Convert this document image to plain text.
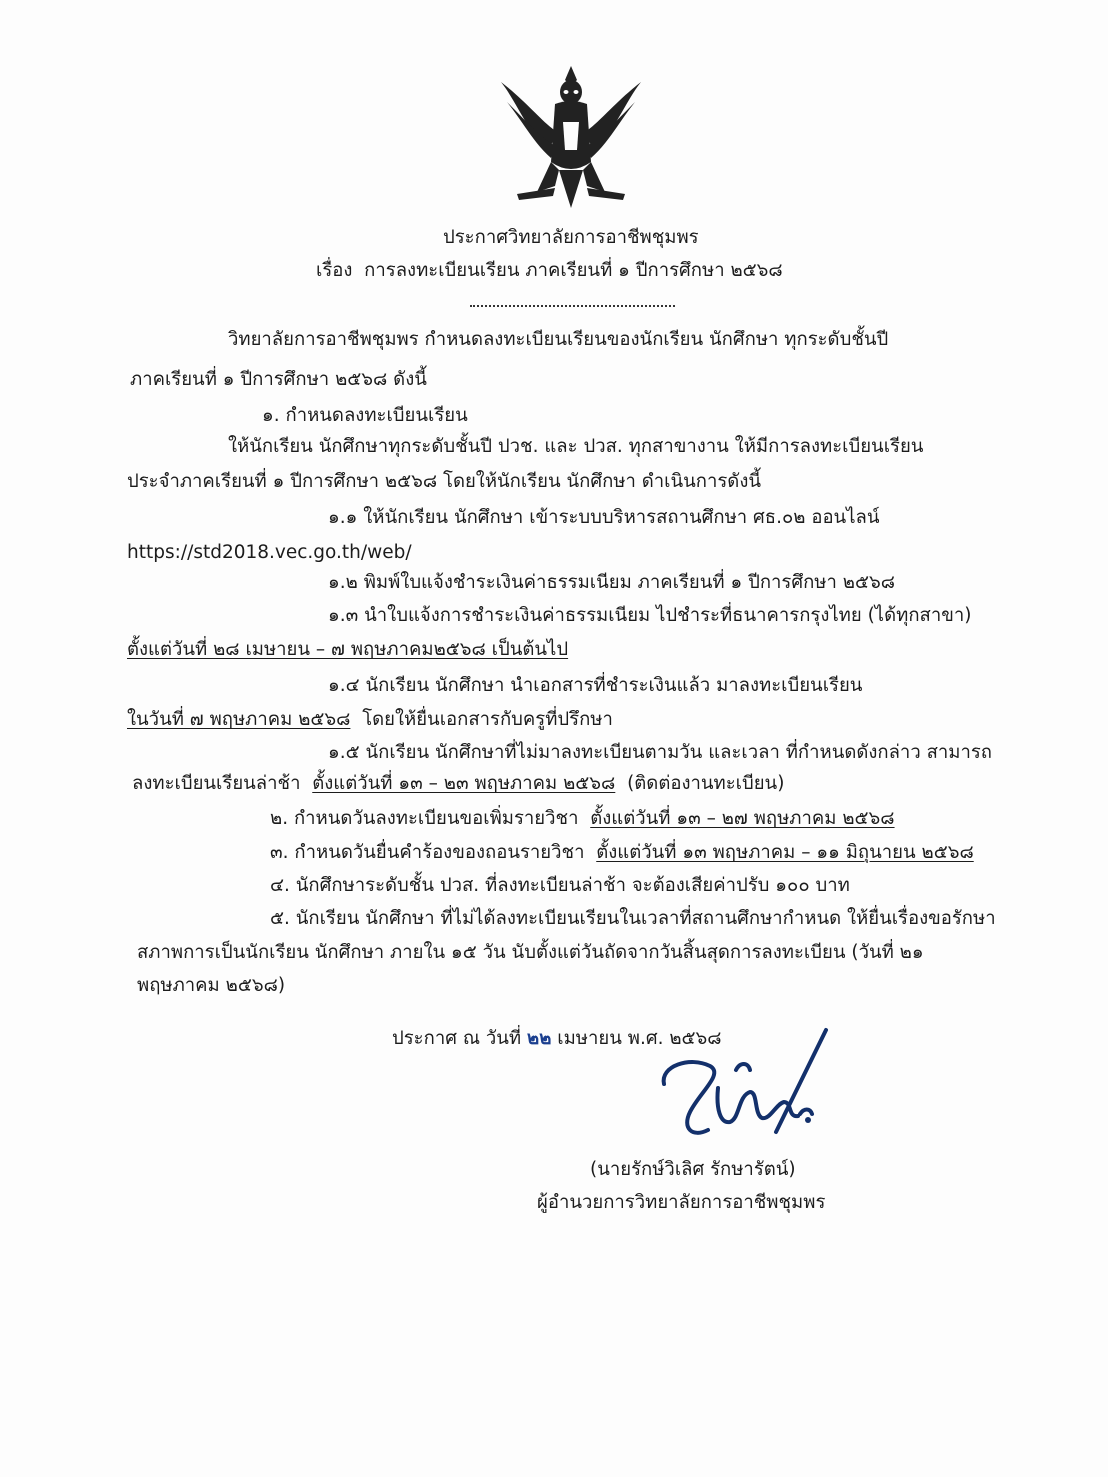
ประกาศวิทยาลัยการอาชีพชุมพร
เรื่อง การลงทะเบียนเรียน ภาคเรียนที่ ๑ ปีการศึกษา ๒๕๖๘
วิทยาลัยการอาชีพชุมพร กำหนดลงทะเบียนเรียนของนักเรียน นักศึกษา ทุกระดับชั้นปี
ภาคเรียนที่ ๑ ปีการศึกษา ๒๕๖๘ ดังนี้
๑. กำหนดลงทะเบียนเรียน
ให้นักเรียน นักศึกษาทุกระดับชั้นปี ปวช. และ ปวส. ทุกสาขางาน ให้มีการลงทะเบียนเรียน
ประจำภาคเรียนที่ ๑ ปีการศึกษา ๒๕๖๘ โดยให้นักเรียน นักศึกษา ดำเนินการดังนี้
๑.๑ ให้นักเรียน นักศึกษา เข้าระบบบริหารสถานศึกษา ศธ.๐๒ ออนไลน์
https://std2018.vec.go.th/web/
๑.๒ พิมพ์ใบแจ้งชำระเงินค่าธรรมเนียม ภาคเรียนที่ ๑ ปีการศึกษา ๒๕๖๘
๑.๓ นำใบแจ้งการชำระเงินค่าธรรมเนียม ไปชำระที่ธนาคารกรุงไทย (ได้ทุกสาขา)
ตั้งแต่วันที่ ๒๘ เมษายน – ๗ พฤษภาคม๒๕๖๘ เป็นต้นไป
๑.๔ นักเรียน นักศึกษา นำเอกสารที่ชำระเงินแล้ว มาลงทะเบียนเรียน
ในวันที่ ๗ พฤษภาคม ๒๕๖๘ โดยให้ยื่นเอกสารกับครูที่ปรึกษา
๑.๕ นักเรียน นักศึกษาที่ไม่มาลงทะเบียนตามวัน และเวลา ที่กำหนดดังกล่าว สามารถ
ลงทะเบียนเรียนล่าช้า ตั้งแต่วันที่ ๑๓ – ๒๓ พฤษภาคม ๒๕๖๘ (ติดต่องานทะเบียน)
๒. กำหนดวันลงทะเบียนขอเพิ่มรายวิชา ตั้งแต่วันที่ ๑๓ – ๒๗ พฤษภาคม ๒๕๖๘
๓. กำหนดวันยื่นคำร้องของถอนรายวิชา ตั้งแต่วันที่ ๑๓ พฤษภาคม – ๑๑ มิถุนายน ๒๕๖๘
๔. นักศึกษาระดับชั้น ปวส. ที่ลงทะเบียนล่าช้า จะต้องเสียค่าปรับ ๑๐๐ บาท
๕. นักเรียน นักศึกษา ที่ไม่ได้ลงทะเบียนเรียนในเวลาที่สถานศึกษากำหนด ให้ยื่นเรื่องขอรักษา
สภาพการเป็นนักเรียน นักศึกษา ภายใน ๑๕ วัน นับตั้งแต่วันถัดจากวันสิ้นสุดการลงทะเบียน (วันที่ ๒๑
พฤษภาคม ๒๕๖๘)
ประกาศ ณ วันที่ ๒๒ เมษายน พ.ศ. ๒๕๖๘
(นายรักษ์วิเลิศ รักษารัตน์)
ผู้อำนวยการวิทยาลัยการอาชีพชุมพร
